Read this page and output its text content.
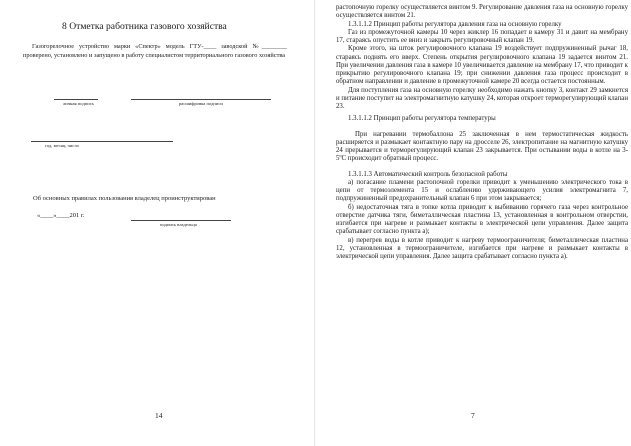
8 Отметка работника газового хозяйства
Газогорелочное устройство марки «Спектр» модель ГТУ-____ заводской №________ проверено, установлено и запущено в работу специалистом территориального газового хозяйства
личная подпись	расшифровка подписи
год, месяц, число
Об основных правилах пользования владелец проинструктирован
«____»____201 г.
подпись владельца
14

растопочную горелку осуществляется винтом 9. Регулирование давления газа на основную горелку осуществляется винтом 21.

1.3.1.1.2 Принцип работы регулятора давления газа на основную горелку

Газ из промежуточной камеры 10 через жиклер 16 попадает в камеру 31 и давит на мембрану 17, стараясь опустить ее вниз и закрыть регулировочный клапан 19.

Кроме этого, на шток регулировочного клапана 19 воздействует подпружиненный рычаг 18, стараясь поднять его вверх. Степень открытия регулировочного клапана 19 задается винтом 21. При увеличении давления газа в камере 10 увеличивается давление на мембрану 17, что приводит к прикрытию регулировочного клапана 19; при снижении давления газа процесс происходит в обратном направлении и давление в промежуточной камере 20 всегда остается постоянным.

Для поступления газа на основную горелку необходимо нажать кнопку 3, контакт 29 замкнется и питание поступит на электромагнитную катушку 24, которая откроет терморегулирующий клапан 23.

1.3.1.1.2 Принцип работы регулятора температуры

При нагревании термобаллона 25 заключенная в нем термостатическая жидкость расширяется и размыкает контактную пару на дросселе 26, электропитание на магнитную катушку 24 прерывается и терморегулирующий клапан 23 закрывается. При остывании воды в котле на 3-5ºС происходит обратный процесс.

1.3.1.1.3 Автоматический контроль безопасной работы

а) погасание пламени растопочной горелки приводит к уменьшению электрического тока в цепи от термоэлемента 15 и ослаблению удерживающего усилия электромагнита 7, подпружиненный предохранительный клапан 6 при этом закрывается;

б) недостаточная тяга в топке котла приводит к выбиванию горячего газа через контрольное отверстие датчика тяги, биметаллическая пластина 13, установленная в контрольном отверстии, изгибается при нагреве и размыкает контакты в электрической цепи управления. Далее защита срабатывает согласно пункта а);

в) перегрев воды в котле приводит к нагреву термоограничителя; биметаллическая пластина 12, установленная в термоограничителе, изгибается при нагреве и размыкает контакты в электрической цепи управления. Далее защита срабатывает согласно пункта а).

7
